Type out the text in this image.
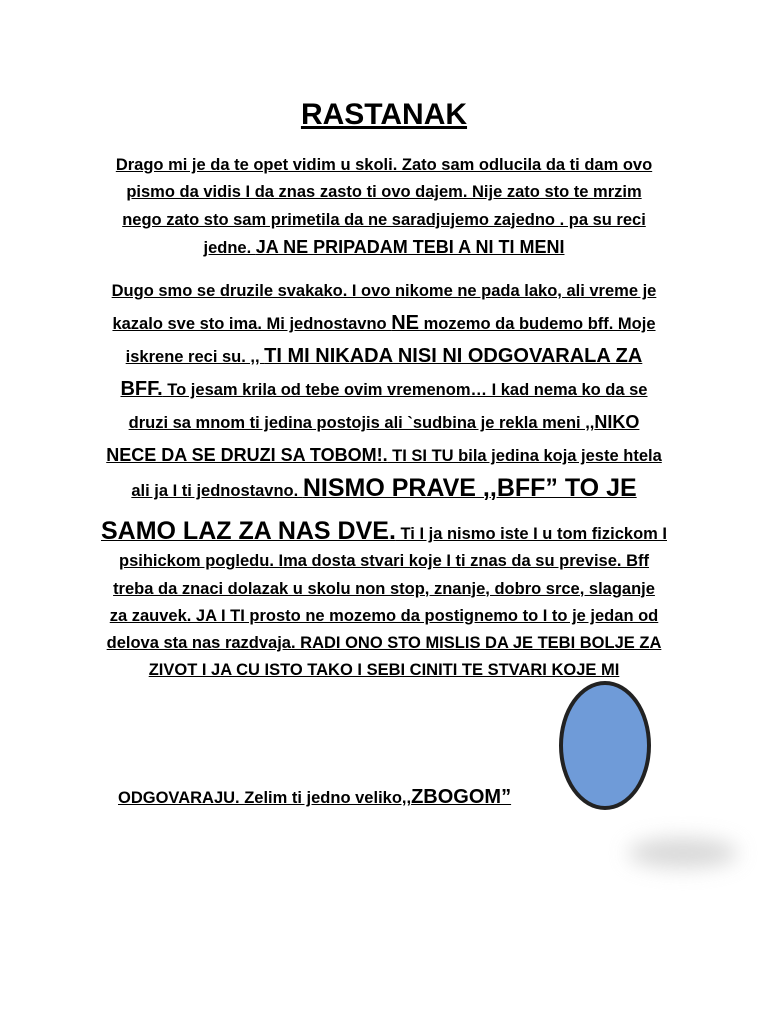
RASTANAK
Drago mi je da te opet vidim u skoli. Zato sam odlucila da ti dam ovo
pismo da vidis I da znas zasto ti ovo dajem. Nije zato sto te mrzim
nego zato sto sam primetila da ne saradjujemo zajedno . pa su reci
jedne. JA NE PRIPADAM TEBI A NI TI MENI
Dugo smo se druzile svakako. I ovo nikome ne pada lako, ali vreme je
kazalo sve sto ima. Mi jednostavno NE mozemo da budemo bff. Moje
iskrene reci su. ,, TI MI NIKADA NISI NI ODGOVARALA ZA
BFF. To jesam krila od tebe ovim vremenom… I kad nema ko da se
druzi sa mnom ti jedina postojis ali `sudbina je rekla meni ,,NIKO
NECE DA SE DRUZI SA TOBOM!. TI SI TU bila jedina koja jeste htela
ali ja I ti jednostavno. NISMO PRAVE ,,BFF” TO JE
SAMO LAZ ZA NAS DVE. Ti I ja nismo iste I u tom fizickom I
psihickom pogledu. Ima dosta stvari koje I ti znas da su previse. Bff
treba da znaci dolazak u skolu non stop, znanje, dobro srce, slaganje
za zauvek. JA I TI prosto ne mozemo da postignemo to I to je jedan od
delova sta nas razdvaja. RADI ONO STO MISLIS DA JE TEBI BOLJE ZA
ZIVOT I JA CU ISTO TAKO I SEBI CINITI TE STVARI KOJE MI
ODGOVARAJU. Zelim ti jedno veliko,,ZBOGOM”
